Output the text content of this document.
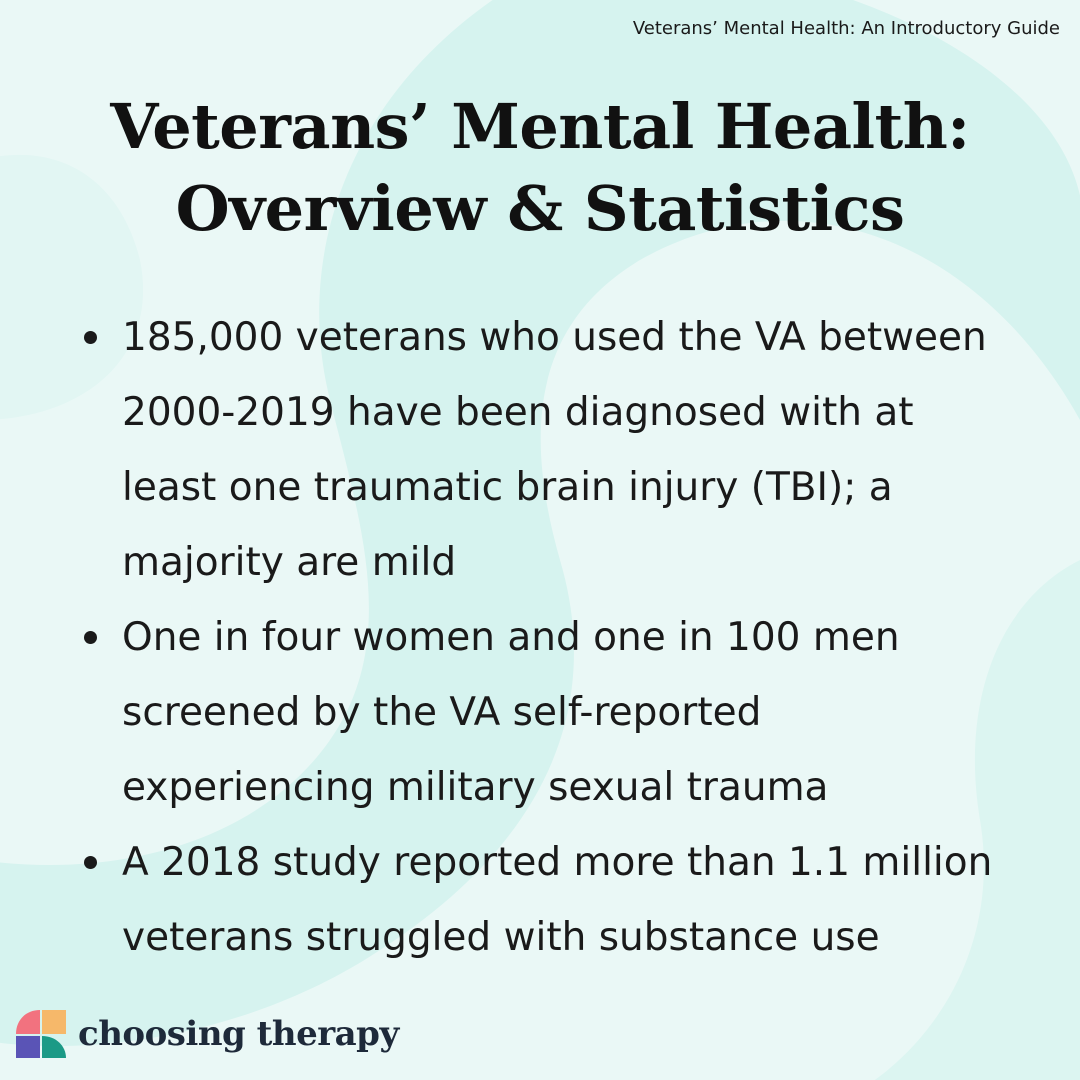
Veterans’ Mental Health: An Introductory Guide
Veterans’ Mental Health:
Overview & Statistics
185,000 veterans who used the VA between
2000-2019 have been diagnosed with at
least one traumatic brain injury (TBI); a
majority are mild
One in four women and one in 100 men
screened by the VA self-reported
experiencing military sexual trauma
A 2018 study reported more than 1.1 million
veterans struggled with substance use
choosing therapy
